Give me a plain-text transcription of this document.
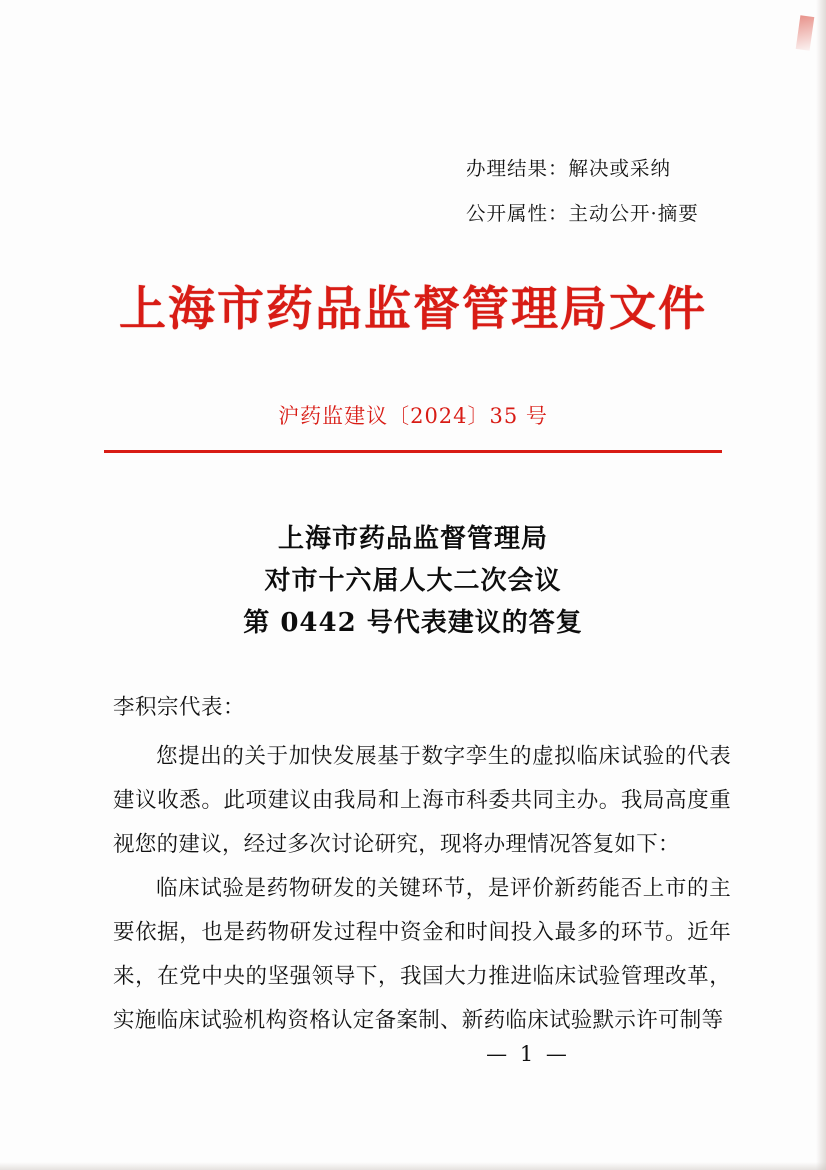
办理结果：解决或采纳
公开属性：主动公开·摘要
上海市药品监督管理局文件
沪药监建议〔2024〕35 号
上海市药品监督管理局
对市十六届人大二次会议
第 0442 号代表建议的答复
李积宗代表：

您提出的关于加快发展基于数字孪生的虚拟临床试验的代表建议收悉。此项建议由我局和上海市科委共同主办。我局高度重视您的建议，经过多次讨论研究，现将办理情况答复如下：

临床试验是药物研发的关键环节，是评价新药能否上市的主要依据，也是药物研发过程中资金和时间投入最多的环节。近年来，在党中央的坚强领导下，我国大力推进临床试验管理改革，实施临床试验机构资格认定备案制、新药临床试验默示许可制等

— 1 —
